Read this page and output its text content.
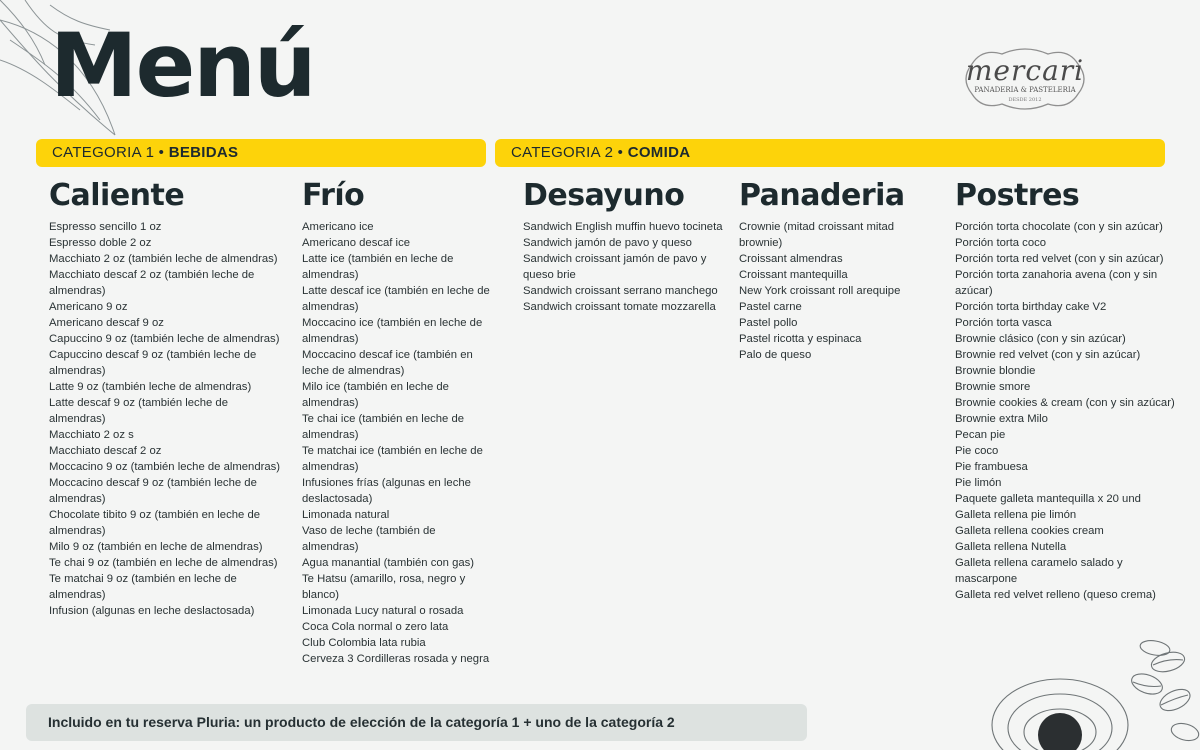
Menú	mercari
PANADERIA & PASTELERIA
DESDE 2012
CATEGORIA 1 • BEBIDAS	CATEGORIA 2 • COMIDA
Caliente
Espresso sencillo 1 oz
Espresso doble 2 oz
Macchiato 2 oz (también leche de almendras)
Macchiato descaf 2 oz (también leche de almendras)
Americano 9 oz
Americano descaf 9 oz
Capuccino 9 oz (también leche de almendras)
Capuccino descaf 9 oz (también leche de almendras)
Latte 9 oz (también leche de almendras)
Latte descaf 9 oz (también leche de almendras)
Macchiato 2 oz s
Macchiato descaf 2 oz
Moccacino 9 oz (también leche de almendras)
Moccacino descaf 9 oz (también leche de almendras)
Chocolate tibito 9 oz (también en leche de almendras)
Milo 9 oz (también en leche de almendras)
Te chai 9 oz (también en leche de almendras)
Te matchai 9 oz (también en leche de almendras)
Infusion (algunas en leche deslactosada)
Frío
Americano ice
Americano descaf ice
Latte ice (también en leche de almendras)
Latte descaf ice (también en leche de almendras)
Moccacino ice (también en leche de almendras)
Moccacino descaf ice (también en leche de almendras)
Milo ice (también en leche de almendras)
Te chai ice (también en leche de almendras)
Te matchai ice (también en leche de almendras)
Infusiones frías (algunas en leche deslactosada)
Limonada natural
Vaso de leche (también de almendras)
Agua manantial (también con gas)
Te Hatsu (amarillo, rosa, negro y blanco)
Limonada Lucy natural o rosada
Coca Cola normal o zero lata
Club Colombia lata rubia
Cerveza 3 Cordilleras rosada y negra
Desayuno
Sandwich English muffin huevo tocineta
Sandwich jamón de pavo y queso
Sandwich croissant jamón de pavo y queso brie
Sandwich croissant serrano manchego
Sandwich croissant tomate mozzarella
Panaderia
Crownie (mitad croissant mitad brownie)
Croissant almendras
Croissant mantequilla
New York croissant roll arequipe
Pastel carne
Pastel pollo
Pastel ricotta y espinaca
Palo de queso
Postres
Porción torta chocolate (con y sin azúcar)
Porción torta coco
Porción torta red velvet (con y sin azúcar)
Porción torta zanahoria avena (con y sin azúcar)
Porción torta birthday cake V2
Porción torta vasca
Brownie clásico (con y sin azúcar)
Brownie red velvet (con y sin azúcar)
Brownie blondie
Brownie smore
Brownie cookies & cream (con y sin azúcar)
Brownie extra Milo
Pecan pie
Pie coco
Pie frambuesa
Pie limón
Paquete galleta mantequilla x 20 und
Galleta rellena pie limón
Galleta rellena cookies cream
Galleta rellena Nutella
Galleta rellena caramelo salado y mascarpone
Galleta red velvet relleno (queso crema)
Incluido en tu reserva Pluria: un producto de elección de la categoría 1 + uno de la categoría 2
